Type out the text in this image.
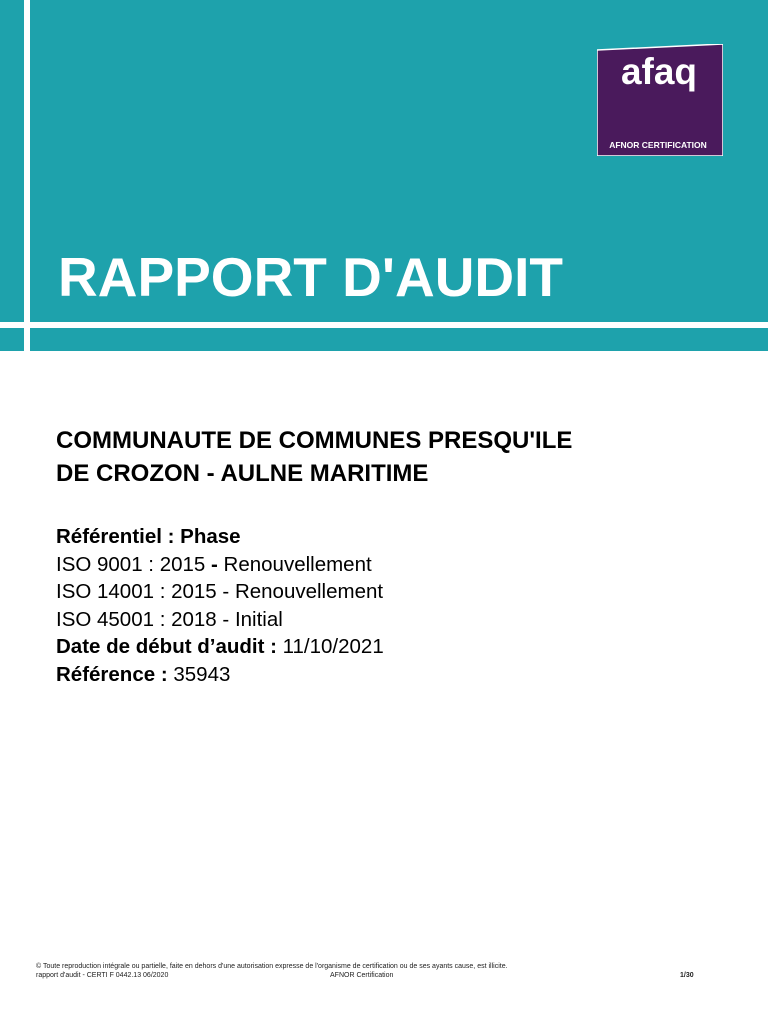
afaq
AFNOR CERTIFICATION
RAPPORT D'AUDIT
COMMUNAUTE DE COMMUNES PRESQU'ILE
DE CROZON - AULNE MARITIME
Référentiel : Phase
ISO 9001 : 2015 - Renouvellement
ISO 14001 : 2015 - Renouvellement
ISO 45001 : 2018 - Initial
Date de début d’audit : 11/10/2021
Référence : 35943
© Toute reproduction intégrale ou partielle, faite en dehors d'une autorisation expresse de l'organisme de certification ou de ses ayants cause, est illicite.
rapport d'audit - CERTI F 0442.13 06/2020	AFNOR Certification	1/30
